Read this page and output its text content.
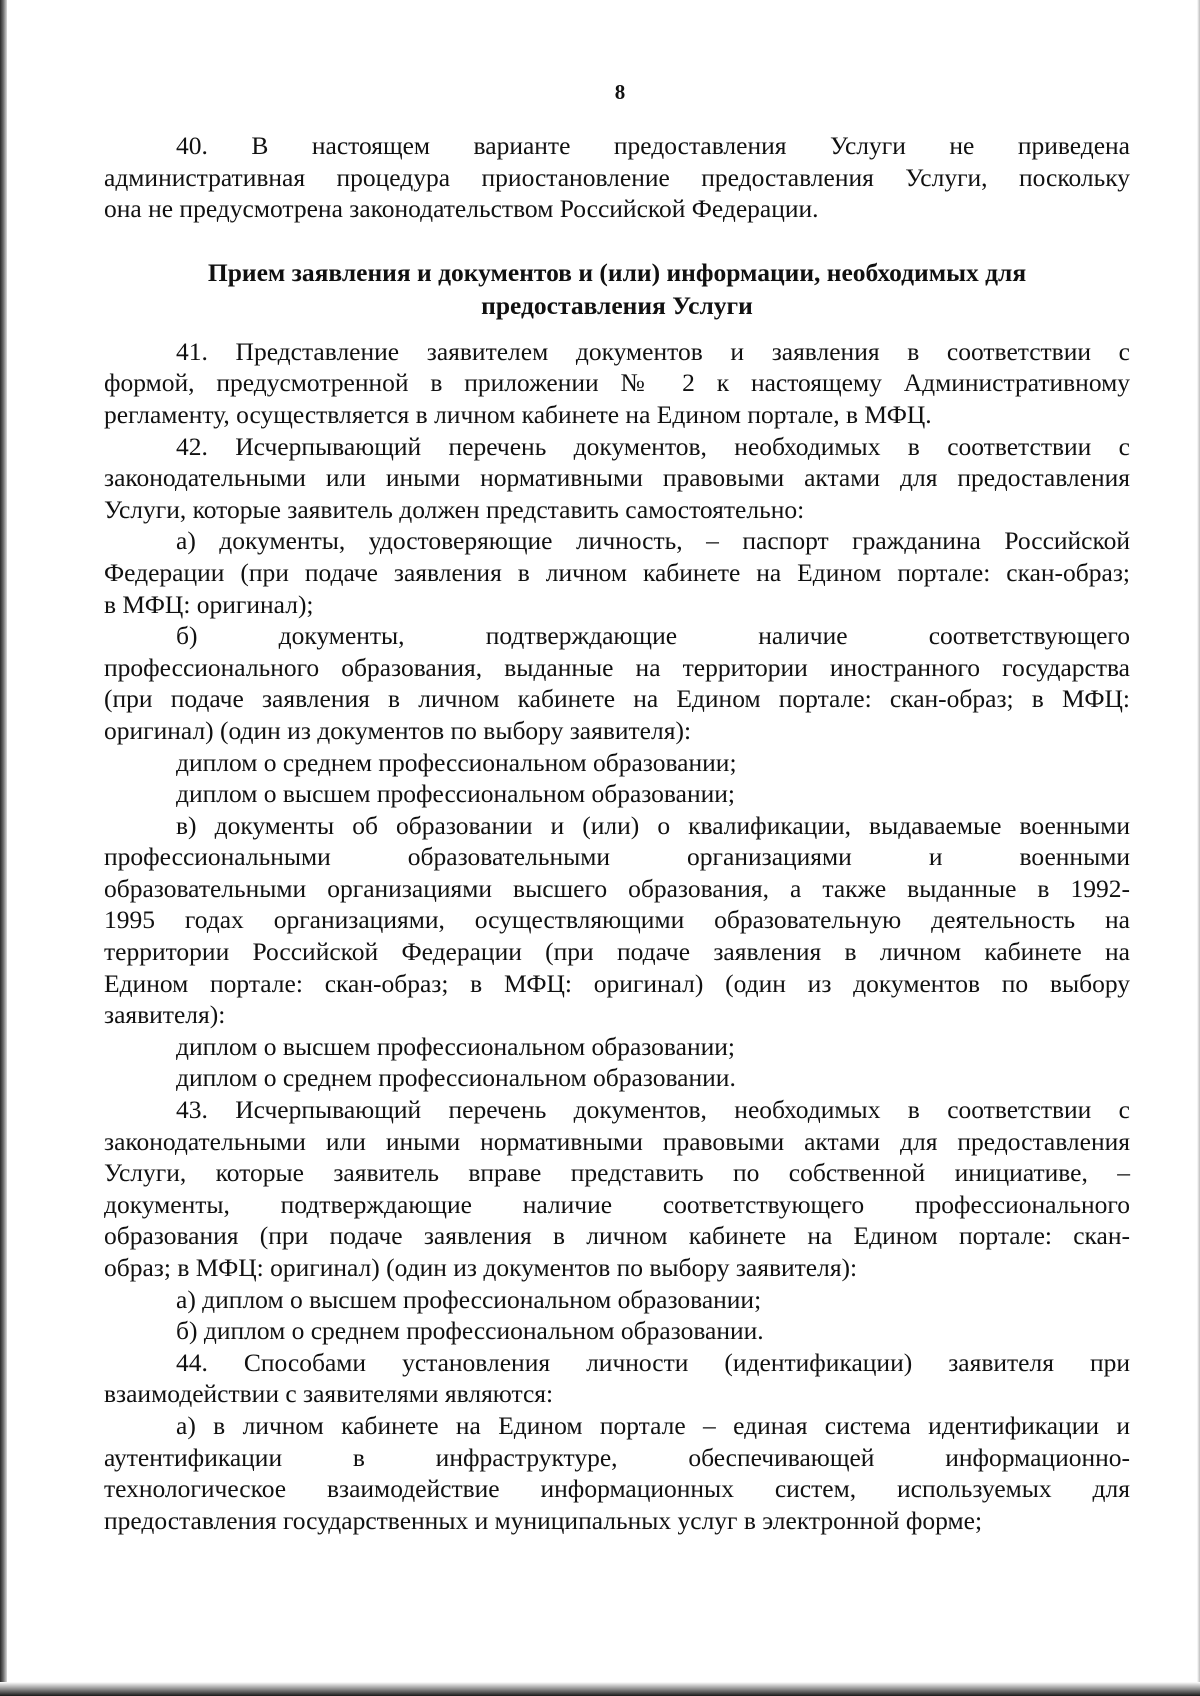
8
40. В настоящем варианте предоставления Услуги не приведена
административная процедура приостановление предоставления Услуги, поскольку
она не предусмотрена законодательством Российской Федерации.
Прием заявления и документов и (или) информации, необходимых для
предоставления Услуги
41. Представление заявителем документов и заявления в соответствии с
формой, предусмотренной в приложении № 2 к настоящему Административному
регламенту, осуществляется в личном кабинете на Едином портале, в МФЦ.
42. Исчерпывающий перечень документов, необходимых в соответствии с
законодательными или иными нормативными правовыми актами для предоставления
Услуги, которые заявитель должен представить самостоятельно:
а) документы, удостоверяющие личность, – паспорт гражданина Российской
Федерации (при подаче заявления в личном кабинете на Едином портале: скан-образ;
в МФЦ: оригинал);
б) документы, подтверждающие наличие соответствующего
профессионального образования, выданные на территории иностранного государства
(при подаче заявления в личном кабинете на Едином портале: скан-образ; в МФЦ:
оригинал) (один из документов по выбору заявителя):
диплом о среднем профессиональном образовании;
диплом о высшем профессиональном образовании;
в) документы об образовании и (или) о квалификации, выдаваемые военными
профессиональными образовательными организациями и военными
образовательными организациями высшего образования, а также выданные в 1992-
1995 годах организациями, осуществляющими образовательную деятельность на
территории Российской Федерации (при подаче заявления в личном кабинете на
Едином портале: скан-образ; в МФЦ: оригинал) (один из документов по выбору
заявителя):
диплом о высшем профессиональном образовании;
диплом о среднем профессиональном образовании.
43. Исчерпывающий перечень документов, необходимых в соответствии с
законодательными или иными нормативными правовыми актами для предоставления
Услуги, которые заявитель вправе представить по собственной инициативе, –
документы, подтверждающие наличие соответствующего профессионального
образования (при подаче заявления в личном кабинете на Едином портале: скан-
образ; в МФЦ: оригинал) (один из документов по выбору заявителя):
а) диплом о высшем профессиональном образовании;
б) диплом о среднем профессиональном образовании.
44. Способами установления личности (идентификации) заявителя при
взаимодействии с заявителями являются:
а) в личном кабинете на Едином портале – единая система идентификации и
аутентификации в инфраструктуре, обеспечивающей информационно-
технологическое взаимодействие информационных систем, используемых для
предоставления государственных и муниципальных услуг в электронной форме;
